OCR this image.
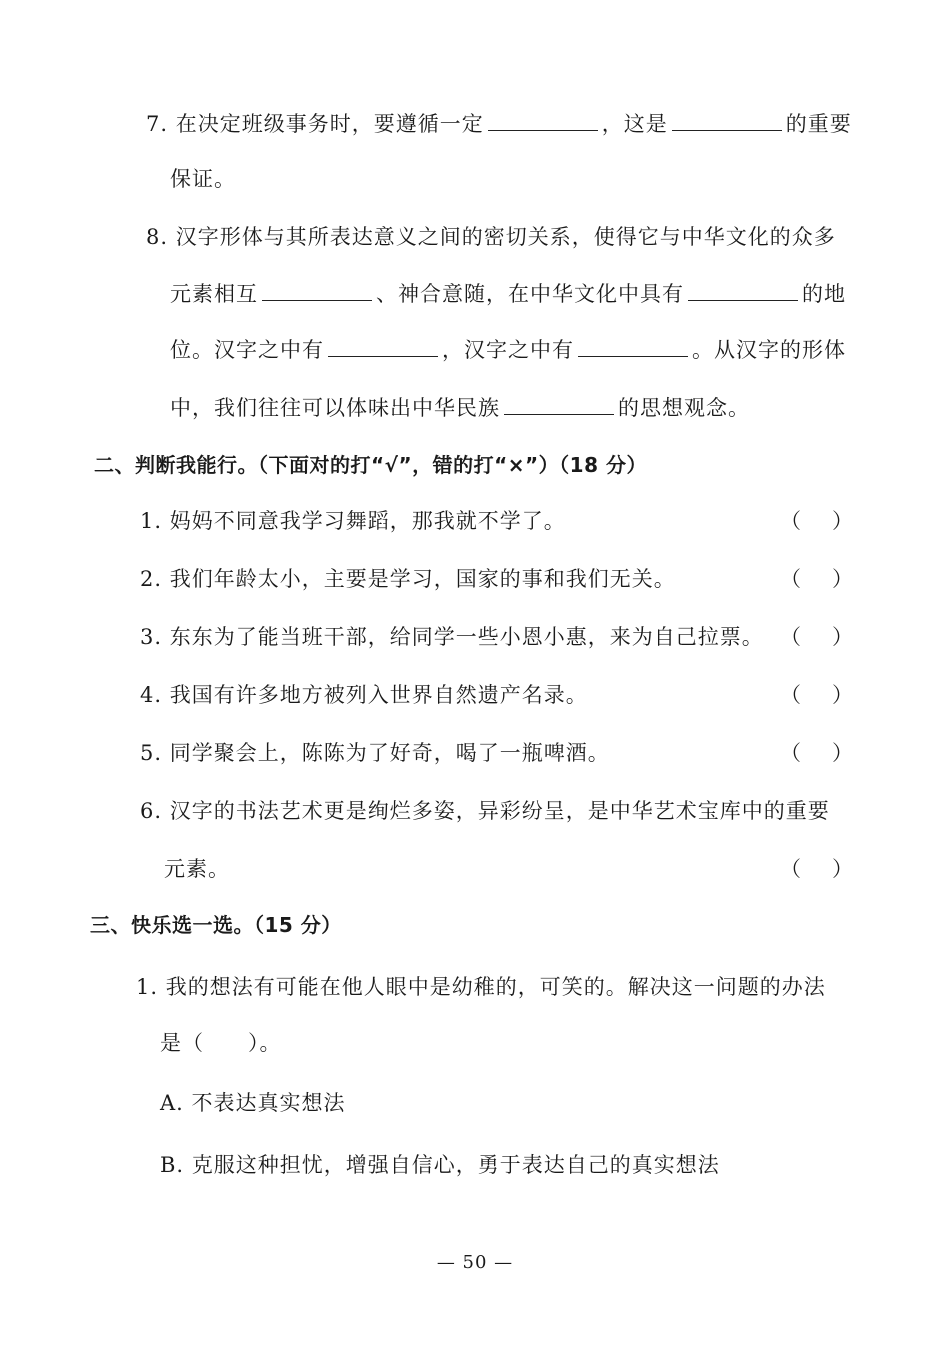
7. 在决定班级事务时，要遵循一定	，这是	的重要
保证。
8. 汉字形体与其所表达意义之间的密切关系，使得它与中华文化的众多
元素相互	、神合意随，在中华文化中具有	的地
位。汉字之中有	，汉字之中有	。从汉字的形体
中，我们往往可以体味出中华民族	的思想观念。
二、判断我能行。（下面对的打“√”，错的打“×”）（18 分）
1. 妈妈不同意我学习舞蹈，那我就不学了。	（ ）
2. 我们年龄太小，主要是学习，国家的事和我们无关。	（ ）
3. 东东为了能当班干部，给同学一些小恩小惠，来为自己拉票。 （ ）
4. 我国有许多地方被列入世界自然遗产名录。	（ ）
5. 同学聚会上，陈陈为了好奇，喝了一瓶啤酒。	（ ）
6. 汉字的书法艺术更是绚烂多姿，异彩纷呈，是中华艺术宝库中的重要
元素。	（ ）
三、快乐选一选。（15 分）
1. 我的想法有可能在他人眼中是幼稚的，可笑的。解决这一问题的办法
是（　　）。
A. 不表达真实想法
B. 克服这种担忧，增强自信心，勇于表达自己的真实想法
— 50 —
